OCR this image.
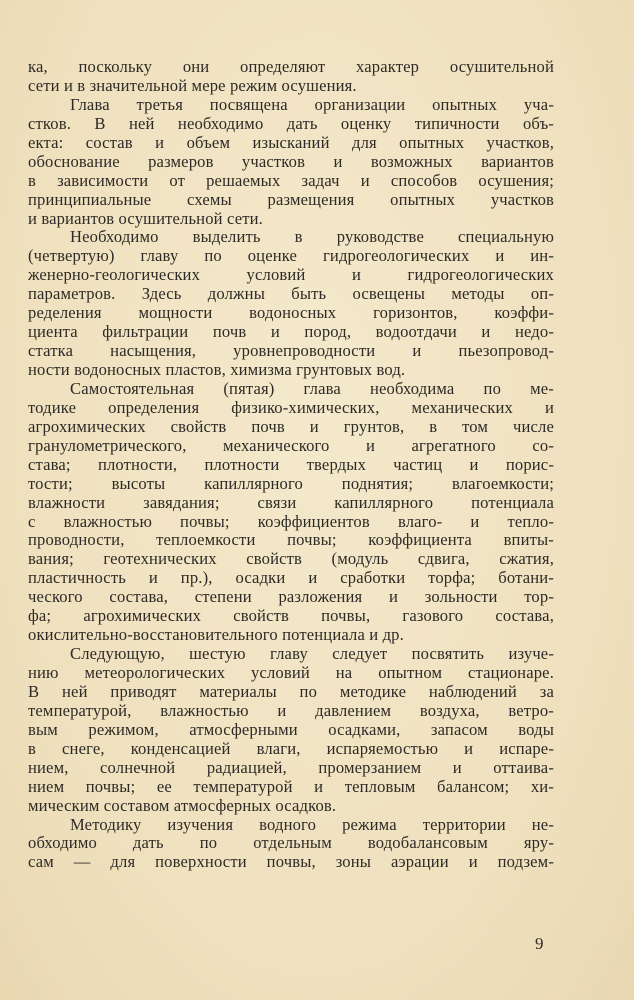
ка, поскольку они определяют характер осушительной
сети и в значительной мере режим осушения.
Глава третья посвящена организации опытных уча-
стков. В ней необходимо дать оценку типичности объ-
екта: состав и объем изысканий для опытных участков,
обоснование размеров участков и возможных вариантов
в зависимости от решаемых задач и способов осушения;
принципиальные схемы размещения опытных участков
и вариантов осушительной сети.
Необходимо выделить в руководстве специальную
(четвертую) главу по оценке гидрогеологических и ин-
женерно-геологических условий и гидрогеологических
параметров. Здесь должны быть освещены методы оп-
ределения мощности водоносных горизонтов, коэффи-
циента фильтрации почв и пород, водоотдачи и недо-
статка насыщения, уровнепроводности и пьезопровод-
ности водоносных пластов, химизма грунтовых вод.
Самостоятельная (пятая) глава необходима по ме-
тодике определения физико-химических, механических и
агрохимических свойств почв и грунтов, в том числе
гранулометрического, механического и агрегатного со-
става; плотности, плотности твердых частиц и порис-
тости; высоты капиллярного поднятия; влагоемкости;
влажности завядания; связи капиллярного потенциала
с влажностью почвы; коэффициентов влаго- и тепло-
проводности, теплоемкости почвы; коэффициента впиты-
вания; геотехнических свойств (модуль сдвига, сжатия,
пластичность и пр.), осадки и сработки торфа; ботани-
ческого состава, степени разложения и зольности тор-
фа; агрохимических свойств почвы, газового состава,
окислительно-восстановительного потенциала и др.
Следующую, шестую главу следует посвятить изуче-
нию метеорологических условий на опытном стационаре.
В ней приводят материалы по методике наблюдений за
температурой, влажностью и давлением воздуха, ветро-
вым режимом, атмосферными осадками, запасом воды
в снеге, конденсацией влаги, испаряемостью и испаре-
нием, солнечной радиацией, промерзанием и оттаива-
нием почвы; ее температурой и тепловым балансом; хи-
мическим составом атмосферных осадков.
Методику изучения водного режима территории не-
обходимо дать по отдельным водобалансовым яру-
сам — для поверхности почвы, зоны аэрации и подзем-
9
